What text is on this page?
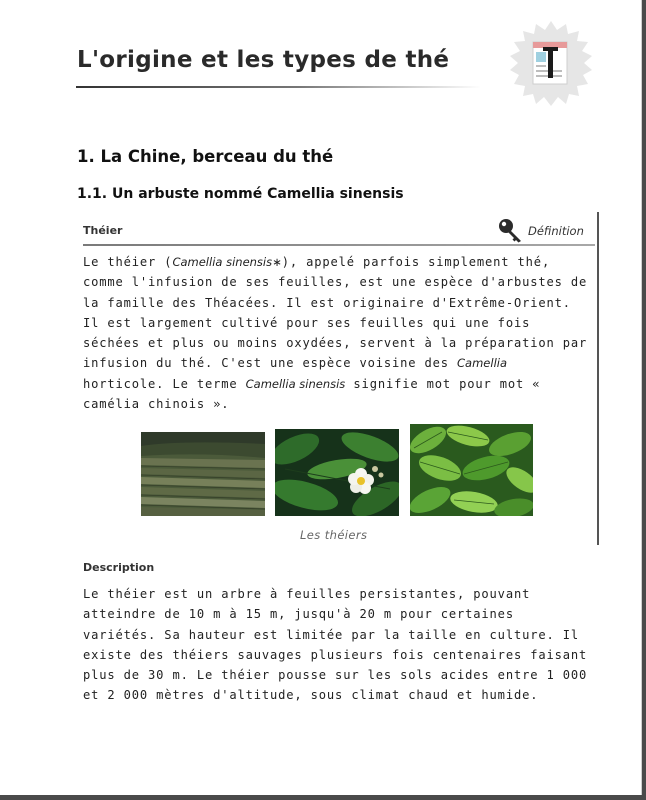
L'origine et les types de thé
1. La Chine, berceau du thé
1.1. Un arbuste nommé Camellia sinensis
Théier	Définition

Le théier (Camellia sinensis∗), appelé parfois simplement thé, comme l'infusion de ses feuilles, est une espèce d'arbustes de la famille des Théacées. Il est originaire d'Extrême-Orient. Il est largement cultivé pour ses feuilles qui une fois séchées et plus ou moins oxydées, servent à la préparation par infusion du thé. C'est une espèce voisine des Camellia horticole. Le terme Camellia sinensis signifie mot pour mot « camélia chinois ».

Les théiers
Description

Le théier est un arbre à feuilles persistantes, pouvant atteindre de 10 m à 15 m, jusqu'à 20 m pour certaines variétés. Sa hauteur est limitée par la taille en culture. Il existe des théiers sauvages plusieurs fois centenaires faisant plus de 30 m. Le théier pousse sur les sols acides entre 1 000 et 2 000 mètres d'altitude, sous climat chaud et humide.
